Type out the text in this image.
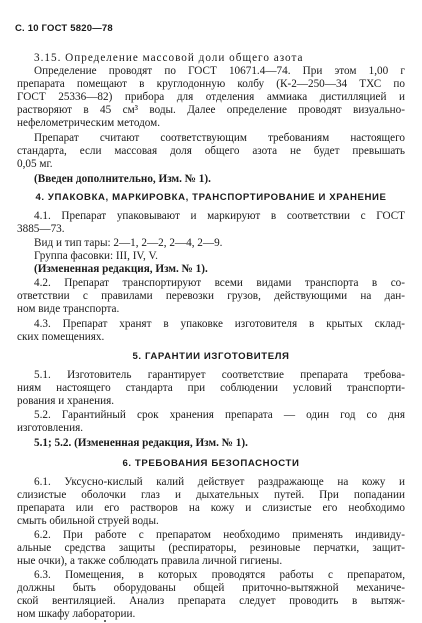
С. 10 ГОСТ 5820—78
3.15. Определение массовой доли общего азота
Определение проводят по ГОСТ 10671.4—74. При этом 1,00 г
препарата помещают в круглодонную колбу (К-2—250—34 ТХС по
ГОСТ 25336—82) прибора для отделения аммиака дистилляцией и
растворяют в 45 см³ воды. Далее определение проводят визуально-
нефелометрическим методом.
Препарат считают соответствующим требованиям настоящего
стандарта, если массовая доля общего азота не будет превышать
0,05 мг.
(Введен дополнительно, Изм. № 1).
4. УПАКОВКА, МАРКИРОВКА, ТРАНСПОРТИРОВАНИЕ И ХРАНЕНИЕ
4.1. Препарат упаковывают и маркируют в соответствии с ГОСТ
3885—73.
Вид и тип тары: 2—1, 2—2, 2—4, 2—9.
Группа фасовки: III, IV, V.
(Измененная редакция, Изм. № 1).
4.2. Препарат транспортируют всеми видами транспорта в со-
ответствии с правилами перевозки грузов, действующими на дан-
ном виде транспорта.
4.3. Препарат хранят в упаковке изготовителя в крытых склад-
ских помещениях.
5. ГАРАНТИИ ИЗГОТОВИТЕЛЯ
5.1. Изготовитель гарантирует соответствие препарата требова-
ниям настоящего стандарта при соблюдении условий транспорти-
рования и хранения.
5.2. Гарантийный срок хранения препарата — один год со дня
изготовления.
5.1; 5.2. (Измененная редакция, Изм. № 1).
6. ТРЕБОВАНИЯ БЕЗОПАСНОСТИ
6.1. Уксусно-кислый калий действует раздражающе на кожу и
слизистые оболочки глаз и дыхательных путей. При попадании
препарата или его растворов на кожу и слизистые его необходимо
смыть обильной струей воды.
6.2. При работе с препаратом необходимо применять индивиду-
альные средства защиты (респираторы, резиновые перчатки, защит-
ные очки), а также соблюдать правила личной гигиены.
6.3. Помещения, в которых проводятся работы с препаратом,
должны быть оборудованы общей приточно-вытяжной механиче-
ской вентиляцией. Анализ препарата следует проводить в вытяж-
ном шкафу лаборатории.
